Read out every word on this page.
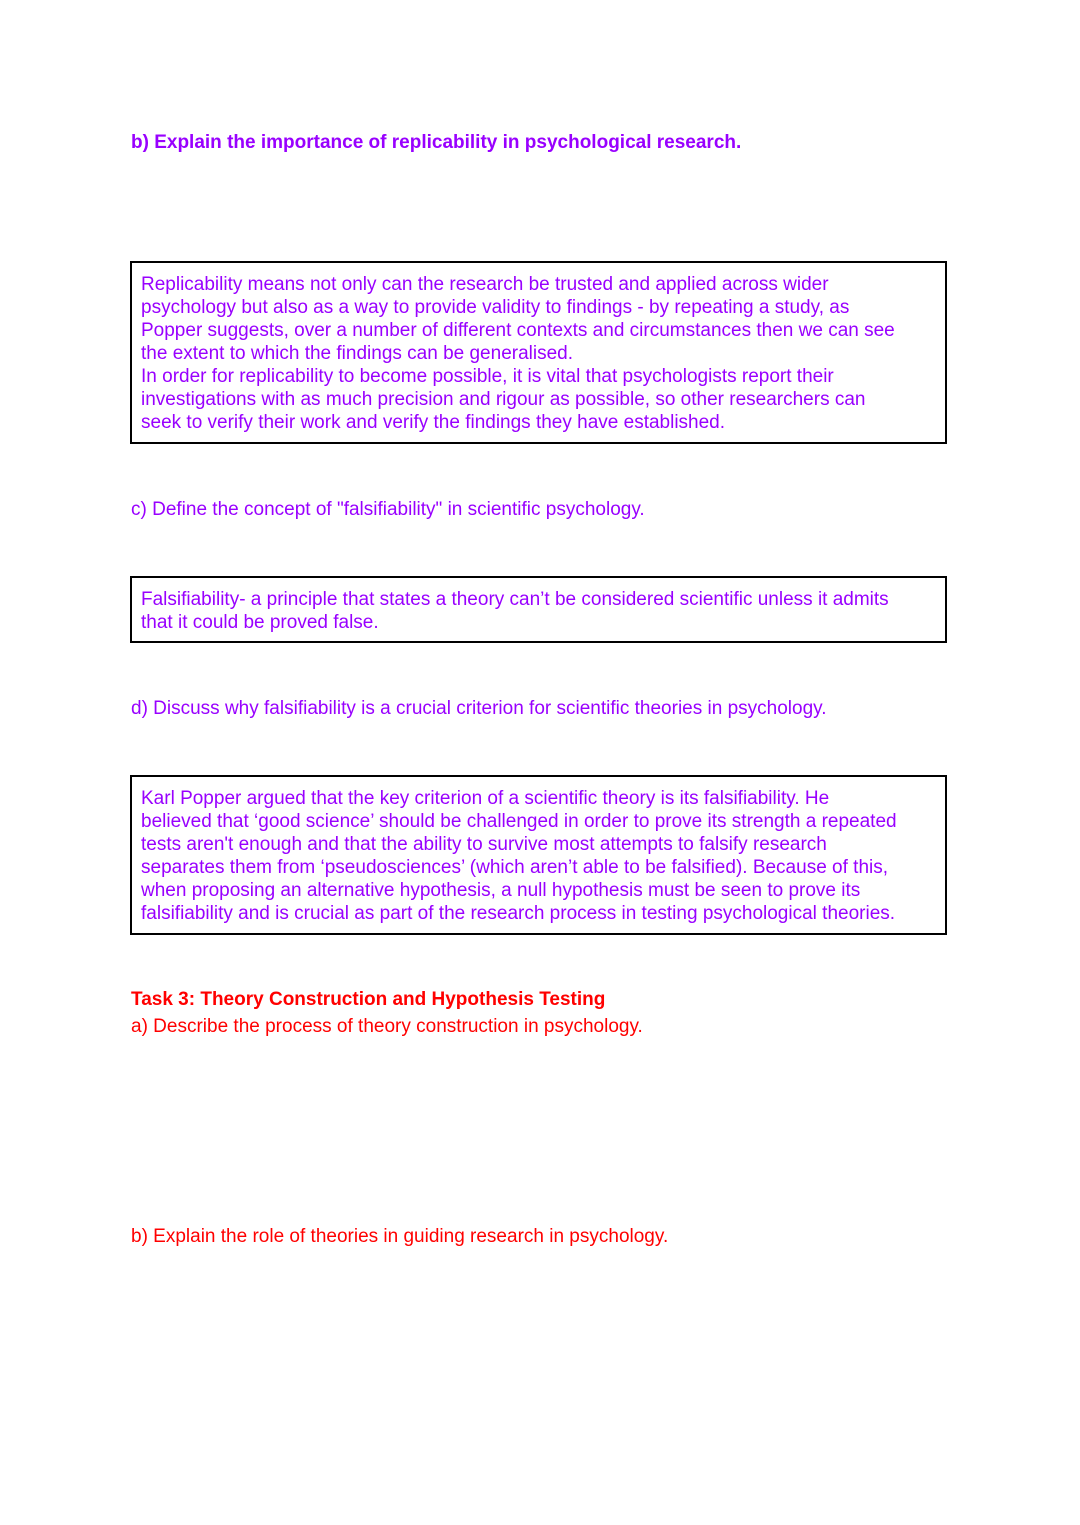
b) Explain the importance of replicability in psychological research.

Replicability means not only can the research be trusted and applied across wider
psychology but also as a way to provide validity to findings - by repeating a study, as
Popper suggests, over a number of different contexts and circumstances then we can see
the extent to which the findings can be generalised.

In order for replicability to become possible, it is vital that psychologists report their
investigations with as much precision and rigour as possible, so other researchers can
seek to verify their work and verify the findings they have established.

c) Define the concept of "falsifiability" in scientific psychology.

Falsifiability- a principle that states a theory can’t be considered scientific unless it admits
that it could be proved false.

d) Discuss why falsifiability is a crucial criterion for scientific theories in psychology.

Karl Popper argued that the key criterion of a scientific theory is its falsifiability. He
believed that ‘good science’ should be challenged in order to prove its strength a repeated
tests aren't enough and that the ability to survive most attempts to falsify research
separates them from ‘pseudosciences’ (which aren’t able to be falsified). Because of this,
when proposing an alternative hypothesis, a null hypothesis must be seen to prove its
falsifiability and is crucial as part of the research process in testing psychological theories.

Task 3: Theory Construction and Hypothesis Testing

a) Describe the process of theory construction in psychology.

b) Explain the role of theories in guiding research in psychology.
